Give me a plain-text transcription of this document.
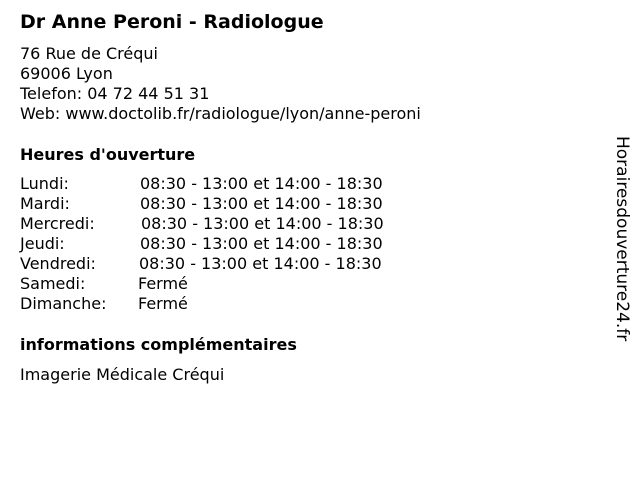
Dr Anne Peroni - Radiologue
76 Rue de Créqui
69006 Lyon
Telefon: 04 72 44 51 31
Web: www.doctolib.fr/radiologue/lyon/anne-peroni
Heures d'ouverture
Lundi:	08:30 - 13:00 et 14:00 - 18:30
Mardi:	08:30 - 13:00 et 14:00 - 18:30
Mercredi:	08:30 - 13:00 et 14:00 - 18:30
Jeudi:	08:30 - 13:00 et 14:00 - 18:30
Vendredi:	08:30 - 13:00 et 14:00 - 18:30
Samedi:	Fermé
Dimanche: Fermé
informations complémentaires
Imagerie Médicale Créqui
Horairesdouverture24.fr
